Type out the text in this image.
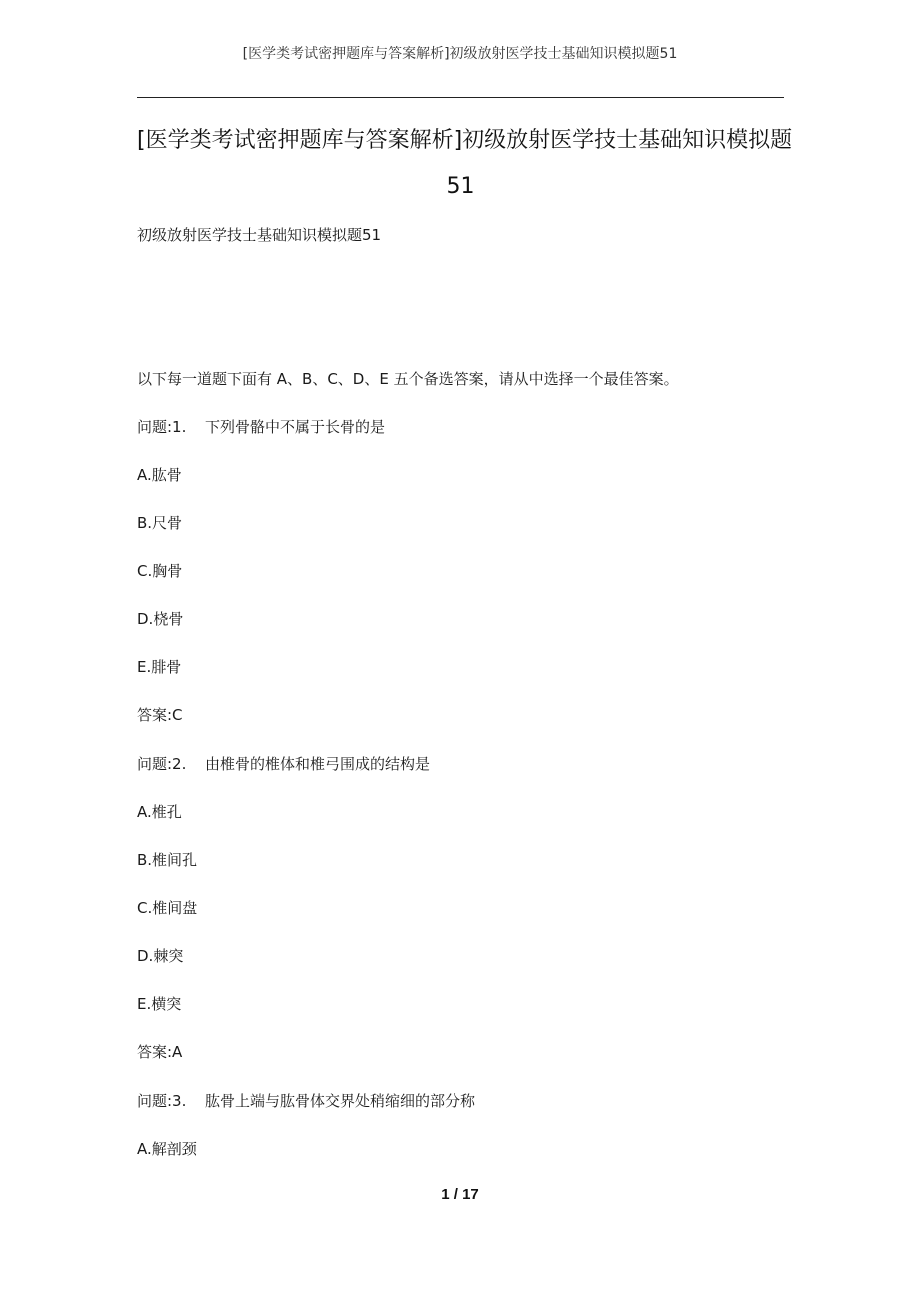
[医学类考试密押题库与答案解析]初级放射医学技士基础知识模拟题51
[医学类考试密押题库与答案解析]初级放射医学技士基础知识模拟题
51
初级放射医学技士基础知识模拟题51
以下每一道题下面有 A、B、C、D、E 五个备选答案，请从中选择一个最佳答案。
问题:1. 下列骨骼中不属于长骨的是
A.肱骨
B.尺骨
C.胸骨
D.桡骨
E.腓骨
答案:C
问题:2. 由椎骨的椎体和椎弓围成的结构是
A.椎孔
B.椎间孔
C.椎间盘
D.棘突
E.横突
答案:A
问题:3. 肱骨上端与肱骨体交界处稍缩细的部分称
A.解剖颈
1 / 17
